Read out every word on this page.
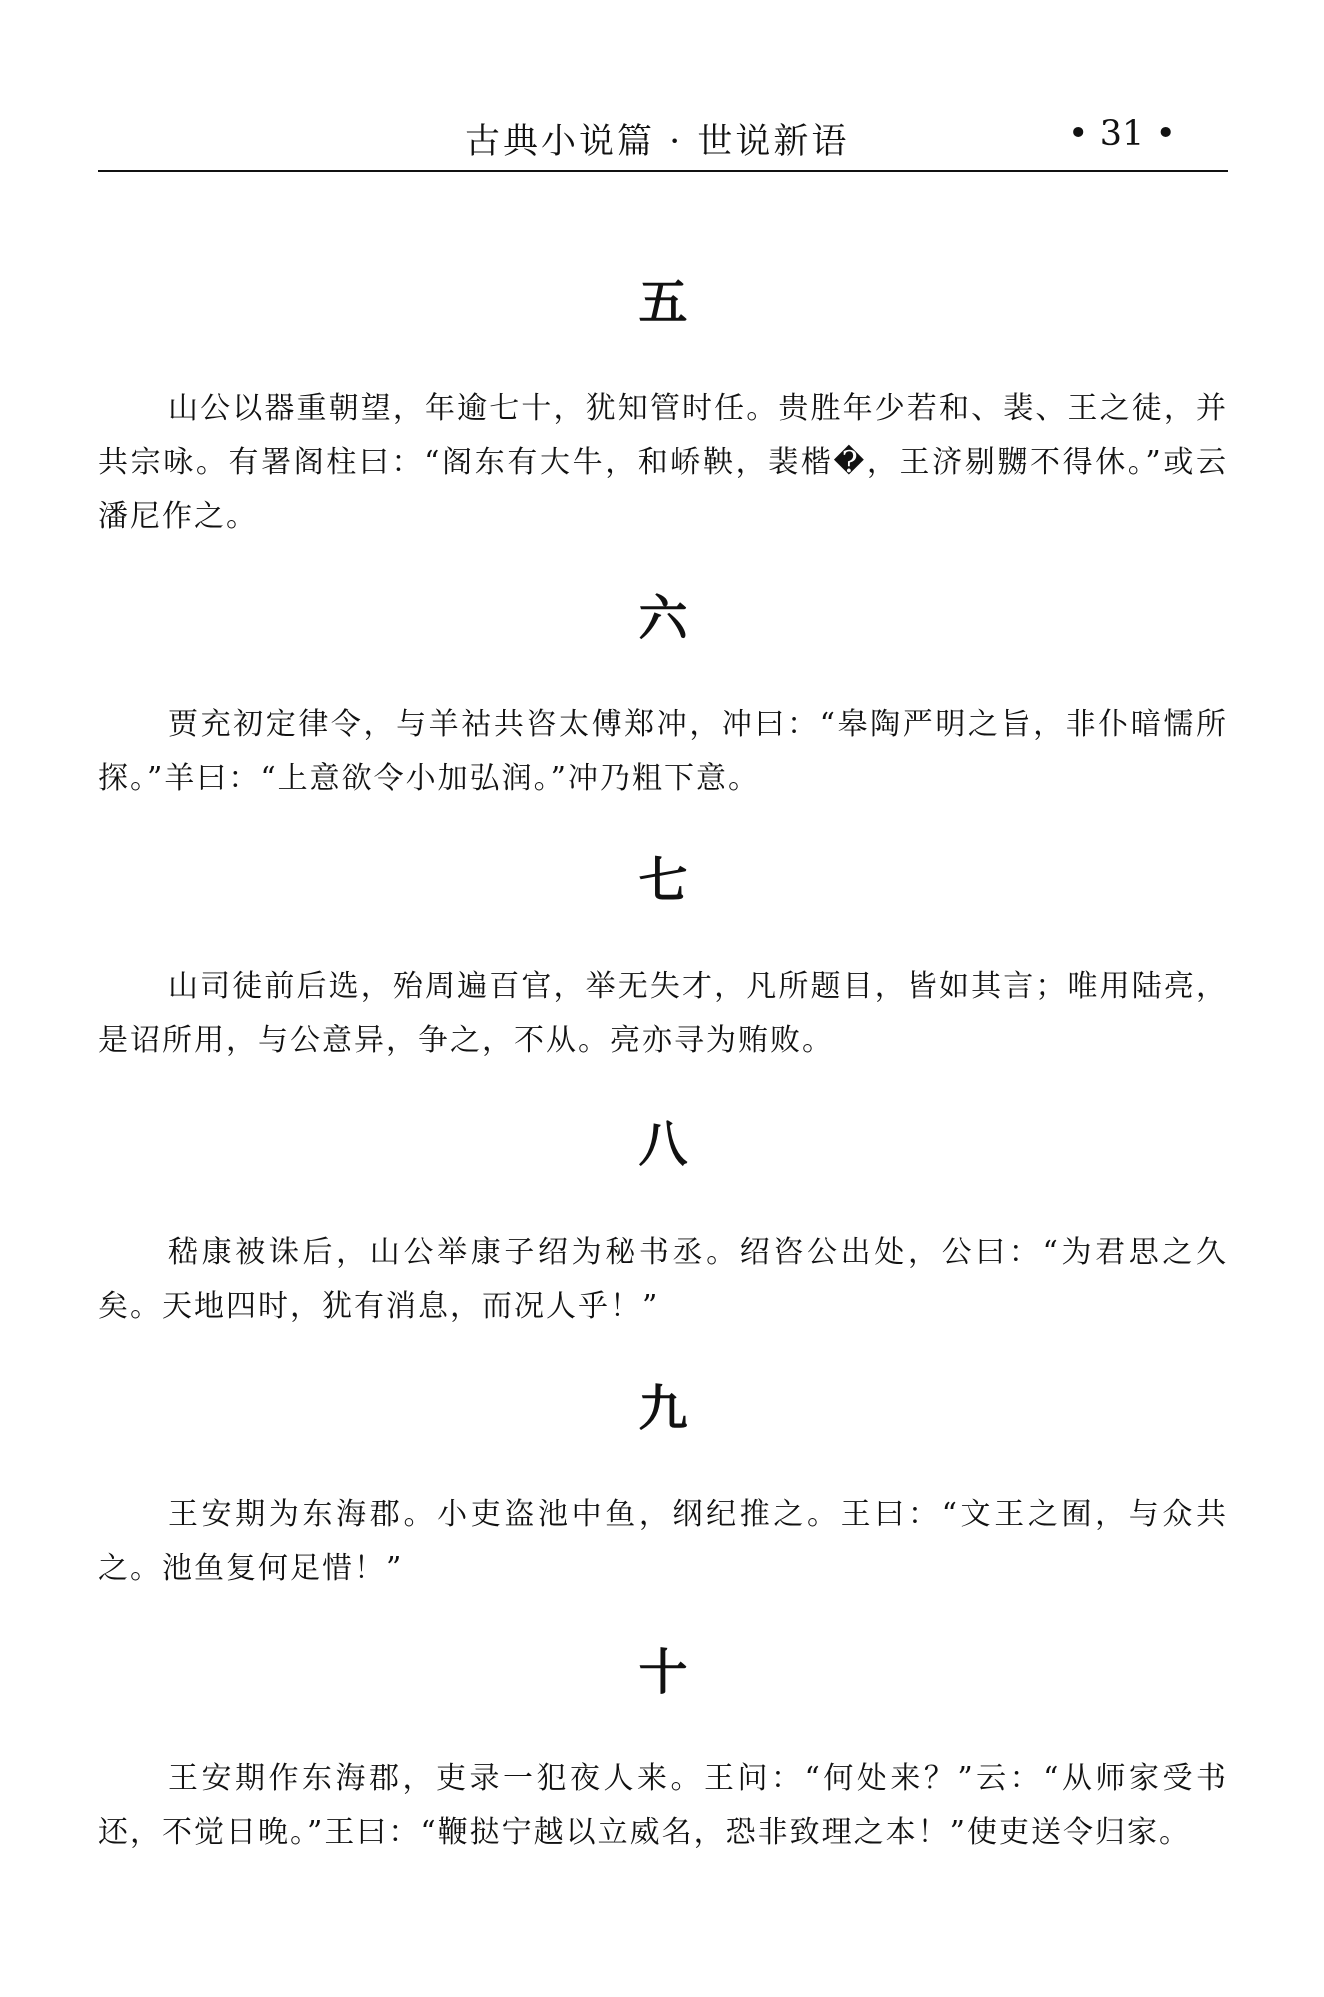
古典小说篇 · 世说新语	• 31 •
五

山公以器重朝望，年逾七十，犹知管时任。贵胜年少若和、裴、王之徒，并共宗咏。有署阁柱曰：“阁东有大牛，和峤鞅，裴楷�，王济剔嬲不得休。”或云潘尼作之。

六

贾充初定律令，与羊祜共咨太傅郑冲，冲曰：“皋陶严明之旨，非仆暗懦所探。”羊曰：“上意欲令小加弘润。”冲乃粗下意。

七

山司徒前后选，殆周遍百官，举无失才，凡所题目，皆如其言；唯用陆亮，是诏所用，与公意异，争之，不从。亮亦寻为贿败。

八

嵇康被诛后，山公举康子绍为秘书丞。绍咨公出处，公曰：“为君思之久矣。天地四时，犹有消息，而况人乎！”

九

王安期为东海郡。小吏盗池中鱼，纲纪推之。王曰：“文王之囿，与众共之。池鱼复何足惜！”

十

王安期作东海郡，吏录一犯夜人来。王问：“何处来？”云：“从师家受书还，不觉日晚。”王曰：“鞭挞宁越以立威名，恐非致理之本！”使吏送令归家。
